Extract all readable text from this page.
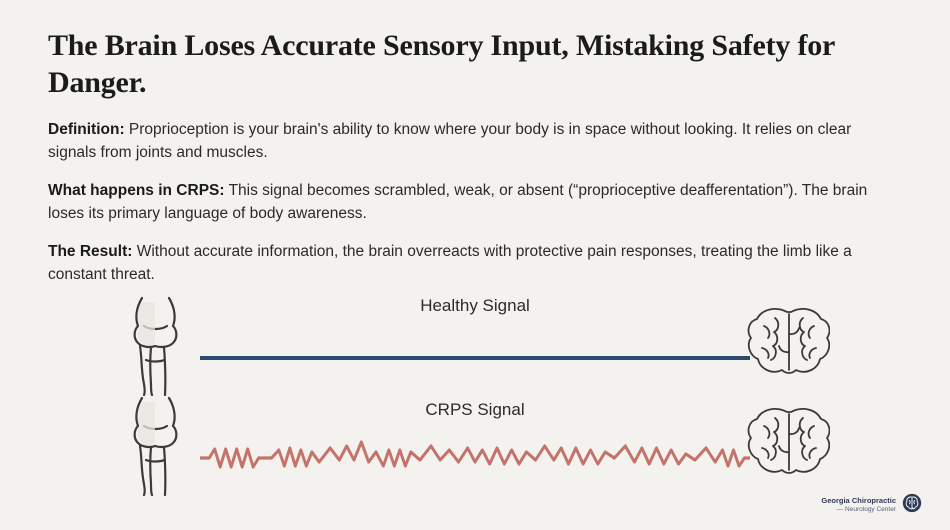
The Brain Loses Accurate Sensory Input, Mistaking Safety for Danger.

Definition: Proprioception is your brain's ability to know where your body is in space without looking. It relies on clear signals from joints and muscles.

What happens in CRPS: This signal becomes scrambled, weak, or absent (“proprioceptive deafferentation”). The brain loses its primary language of body awareness.

The Result: Without accurate information, the brain overreacts with protective pain responses, treating the limb like a constant threat.

Healthy Signal
CRPS Signal
Georgia Chiropractic
— Neurology Center
